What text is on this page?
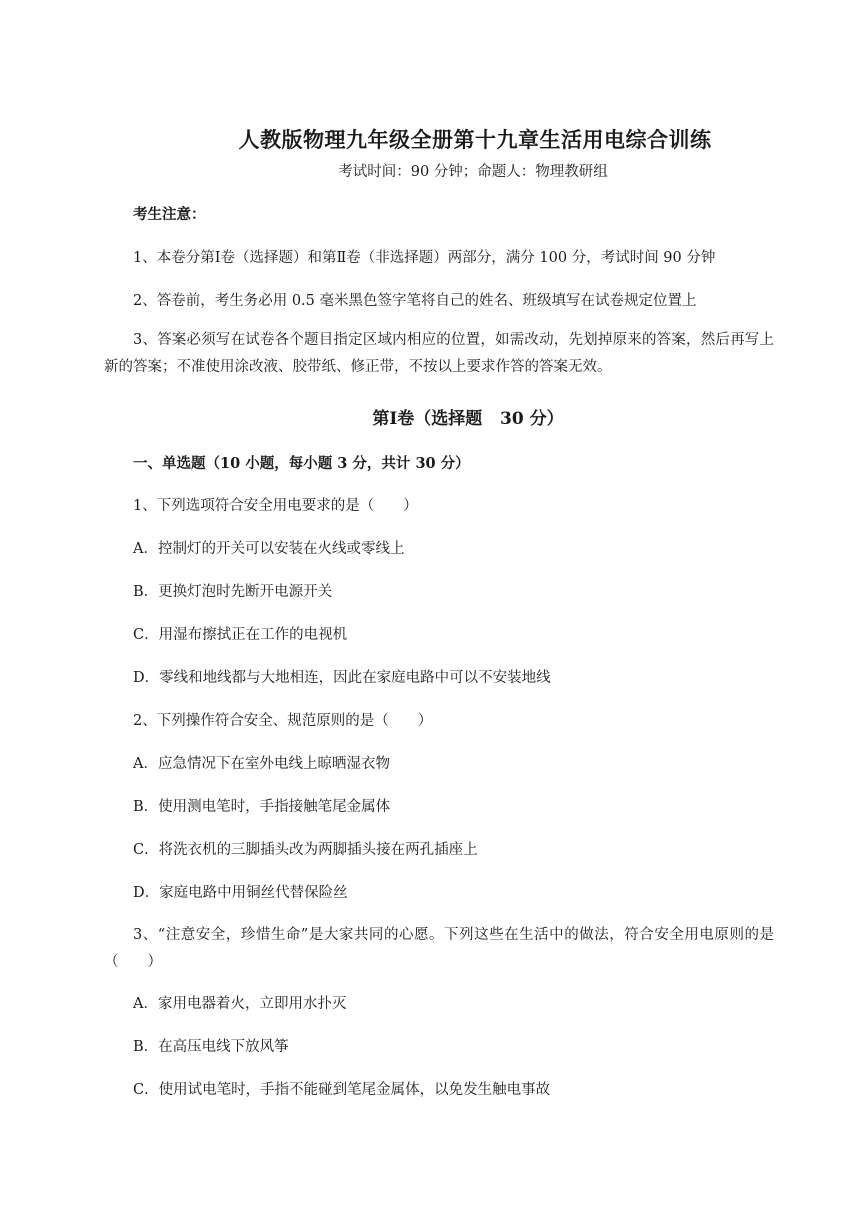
人教版物理九年级全册第十九章生活用电综合训练
考试时间：90 分钟；命题人：物理教研组
考生注意：
1、本卷分第Ⅰ卷（选择题）和第Ⅱ卷（非选择题）两部分，满分 100 分，考试时间 90 分钟
2、答卷前，考生务必用 0.5 毫米黑色签字笔将自己的姓名、班级填写在试卷规定位置上
3、答案必须写在试卷各个题目指定区域内相应的位置，如需改动，先划掉原来的答案，然后再写上新的答案；不准使用涂改液、胶带纸、修正带，不按以上要求作答的答案无效。
第Ⅰ卷（选择题   30 分）
一、单选题（10 小题，每小题 3 分，共计 30 分）
1、下列选项符合安全用电要求的是（　　）
A．控制灯的开关可以安装在火线或零线上
B．更换灯泡时先断开电源开关
C．用湿布擦拭正在工作的电视机
D．零线和地线都与大地相连，因此在家庭电路中可以不安装地线
2、下列操作符合安全、规范原则的是（　　）
A．应急情况下在室外电线上晾晒湿衣物
B．使用测电笔时，手指接触笔尾金属体
C．将洗衣机的三脚插头改为两脚插头接在两孔插座上
D．家庭电路中用铜丝代替保险丝
3、“注意安全，珍惜生命”是大家共同的心愿。下列这些在生活中的做法，符合安全用电原则的是（　　）
A．家用电器着火，立即用水扑灭
B．在高压电线下放风筝
C．使用试电笔时，手指不能碰到笔尾金属体，以免发生触电事故
